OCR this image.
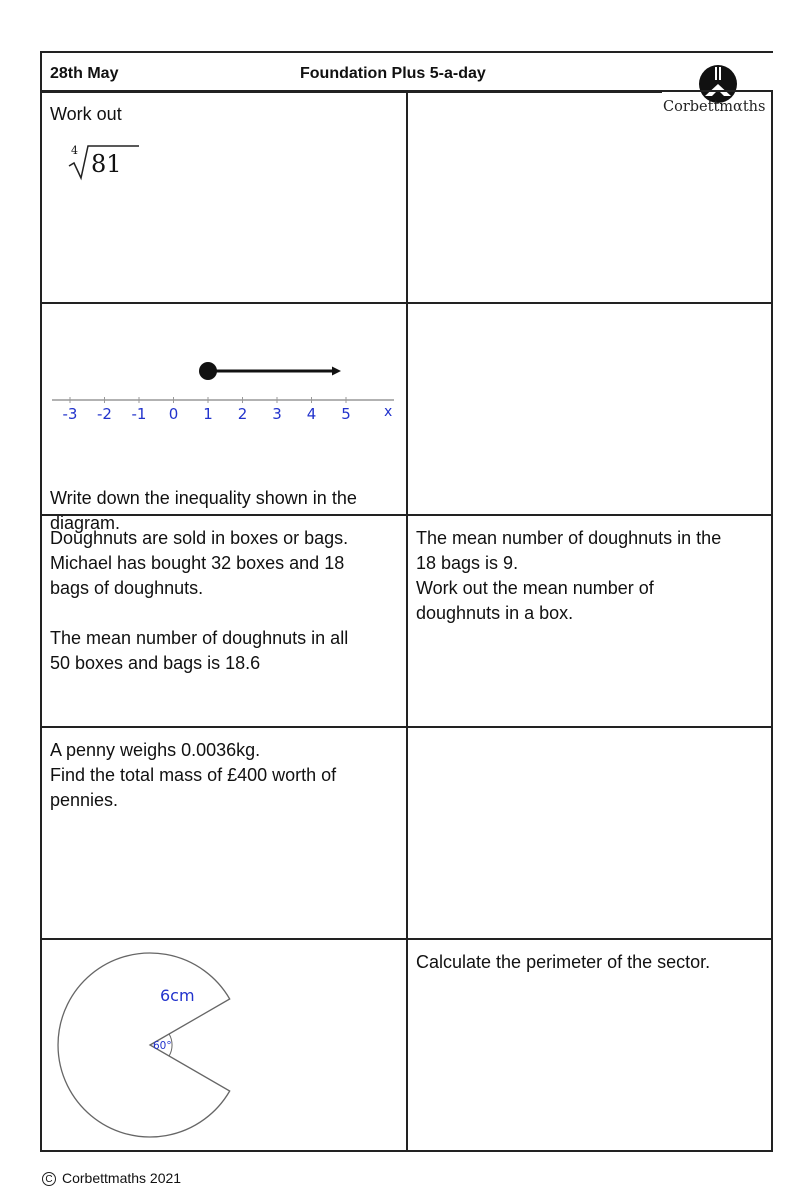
28th May	Foundation Plus 5-a-day
Corbettmαths
Work out
4 81
-3 -2 -1 0 1 2 3 4 5 x
Write down the inequality shown in the diagram.

Doughnuts are sold in boxes or bags.

Michael has bought 32 boxes and 18

bags of doughnuts.

The mean number of doughnuts in all

50 boxes and bags is 18.6

The mean number of doughnuts in the

18 bags is 9.

Work out the mean number of

doughnuts in a box.

A penny weighs 0.0036kg.

Find the total mass of £400 worth of

pennies.

60°
6cm
Calculate the perimeter of the sector.
C Corbettmaths 2021
